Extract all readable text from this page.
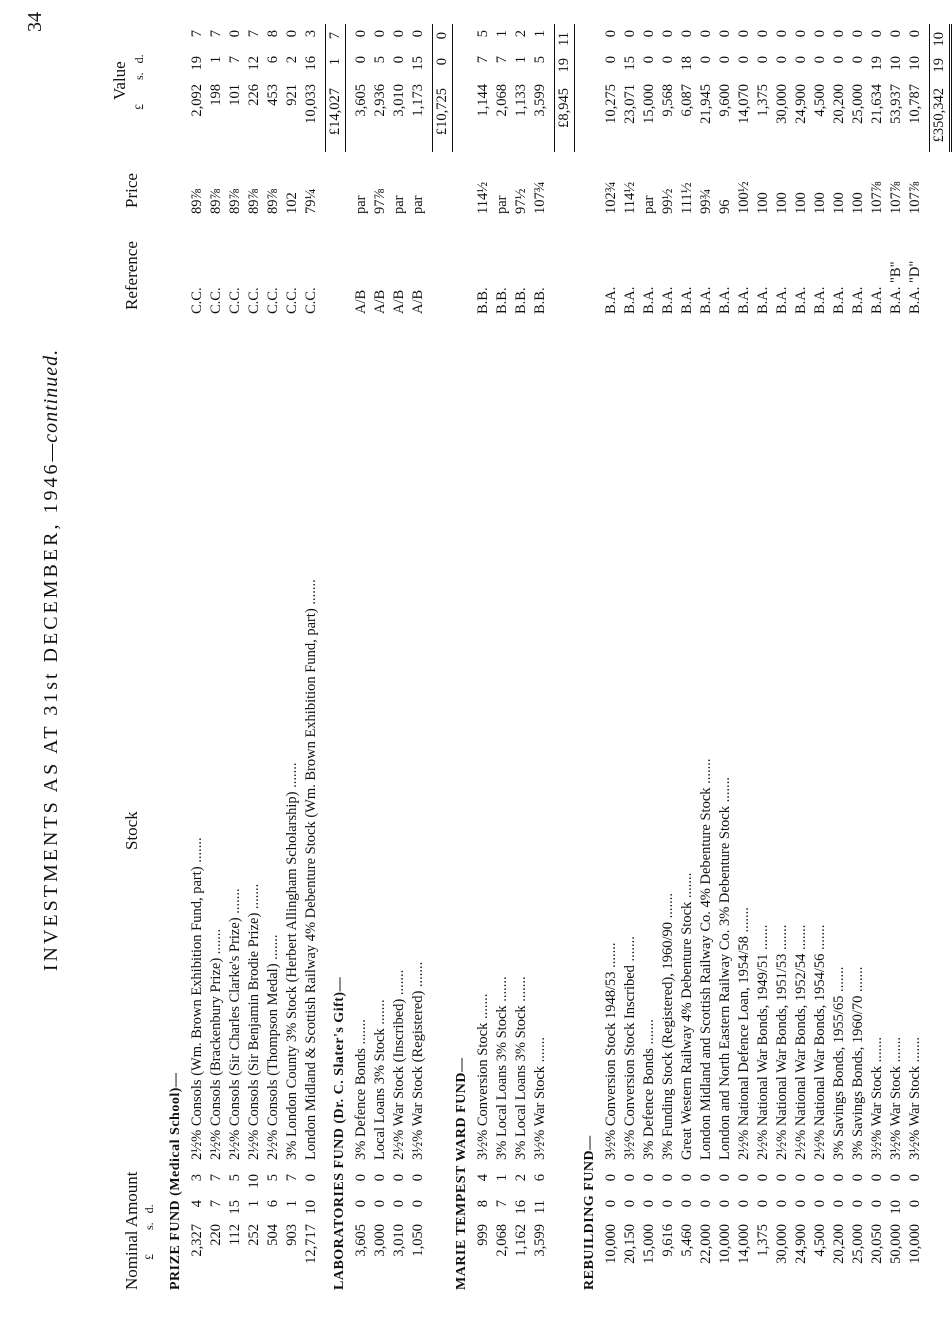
34
INVESTMENTS AS AT 31st DECEMBER, 1946—continued.
Nominal Amount £        s.   d.
Stock
Reference
Price
Value
£        s.   d.
PRIZE FUND (Medical School)— 2,327
4
3
2½% Consols (Wm. Brown Exhibition Fund, part) .......
C.C.
89⅞
2,092
19
7
220
7
7
2½% Consols (Brackenbury Prize) .......
C.C.
89⅞
198
1
7
112
15
5
2½% Consols (Sir Charles Clarke's Prize) .......
C.C.
89⅞
101
7
0
252
1
10
2½% Consols (Sir Benjamin Brodie Prize) .......
C.C.
89⅞
226
12
7
504
6
5
2½% Consols (Thompson Medal) .......
C.C.
89⅞
453
6
8
903
1
7
3% London County 3% Stock (Herbert Allingham Scholarship) .......
C.C.
102
921
2
0
12,717
10
0
London Midland & Scottish Railway 4% Debenture Stock (Wm. Brown Exhibition Fund, part) .......
C.C.
79¼
10,033
16
3
£14,027
1
7
LABORATORIES FUND (Dr. C. Slater's Gift)— 3,605
0
0
3% Defence Bonds .......
A/B
par
3,605
0
0
3,000
0
0
Local Loans 3% Stock .......
A/B
97⅞
2,936
5
0
3,010
0
0
2½% War Stock (Inscribed) .......
A/B
par
3,010
0
0
1,050
0
0
3½% War Stock (Registered) .......
A/B
par
1,173
15
0
£10,725
0
0
MARIE TEMPEST WARD FUND— 999
8
4
3½% Conversion Stock .......
B.B.
114½
1,144
7
5
2,068
7
1
3% Local Loans 3% Stock .......
B.B.
par
2,068
7
1
1,162
16
2
3% Local Loans 3% Stock .......
B.B.
97½
1,133
1
2
3,599
11
6
3½% War Stock .......
B.B.
107¾
3,599
5
1
£8,945
19
11
REBUILDING FUND— 10,000
0
0
3½% Conversion Stock 1948/53 .......
B.A.
102¾
10,275
0
0
20,150
0
0
3½% Conversion Stock Inscribed .......
B.A.
114½
23,071
15
0
15,000
0
0
3% Defence Bonds .......
B.A.
par
15,000
0
0
9,616
0
0
3% Funding Stock (Registered), 1960/90 .......
B.A.
99½
9,568
0
0
5,460
0
0
Great Western Railway 4% Debenture Stock .......
B.A.
111½
6,087
18
0
22,000
0
0
London Midland and Scottish Railway Co. 4% Debenture Stock .......
B.A.
99¾
21,945
0
0
10,000
0
0
London and North Eastern Railway Co. 3% Debenture Stock .......
B.A.
96
9,600
0
0
14,000
0
0
2½% National Defence Loan, 1954/58 .......
B.A.
100½
14,070
0
0
1,375
0
0
2½% National War Bonds, 1949/51 .......
B.A.
100
1,375
0
0
30,000
0
0
2½% National War Bonds, 1951/53 .......
B.A.
100
30,000
0
0
24,900
0
0
2½% National War Bonds, 1952/54 .......
B.A.
100
24,900
0
0
4,500
0
0
2½% National War Bonds, 1954/56 .......
B.A.
100
4,500
0
0
20,200
0
0
3% Savings Bonds, 1955/65 .......
B.A.
100
20,200
0
0
25,000
0
0
3% Savings Bonds, 1960/70 .......
B.A.
100
25,000
0
0
20,050
0
0
3½% War Stock .......
B.A.
107⅞
21,634
19
0
50,000
10
0
3½% War Stock .......
B.A. "B"
107⅞
53,937
10
0
10,000
0
0
3½% War Stock .......
B.A. "D"
107⅞
10,787
10
0
£350,342
19
10
